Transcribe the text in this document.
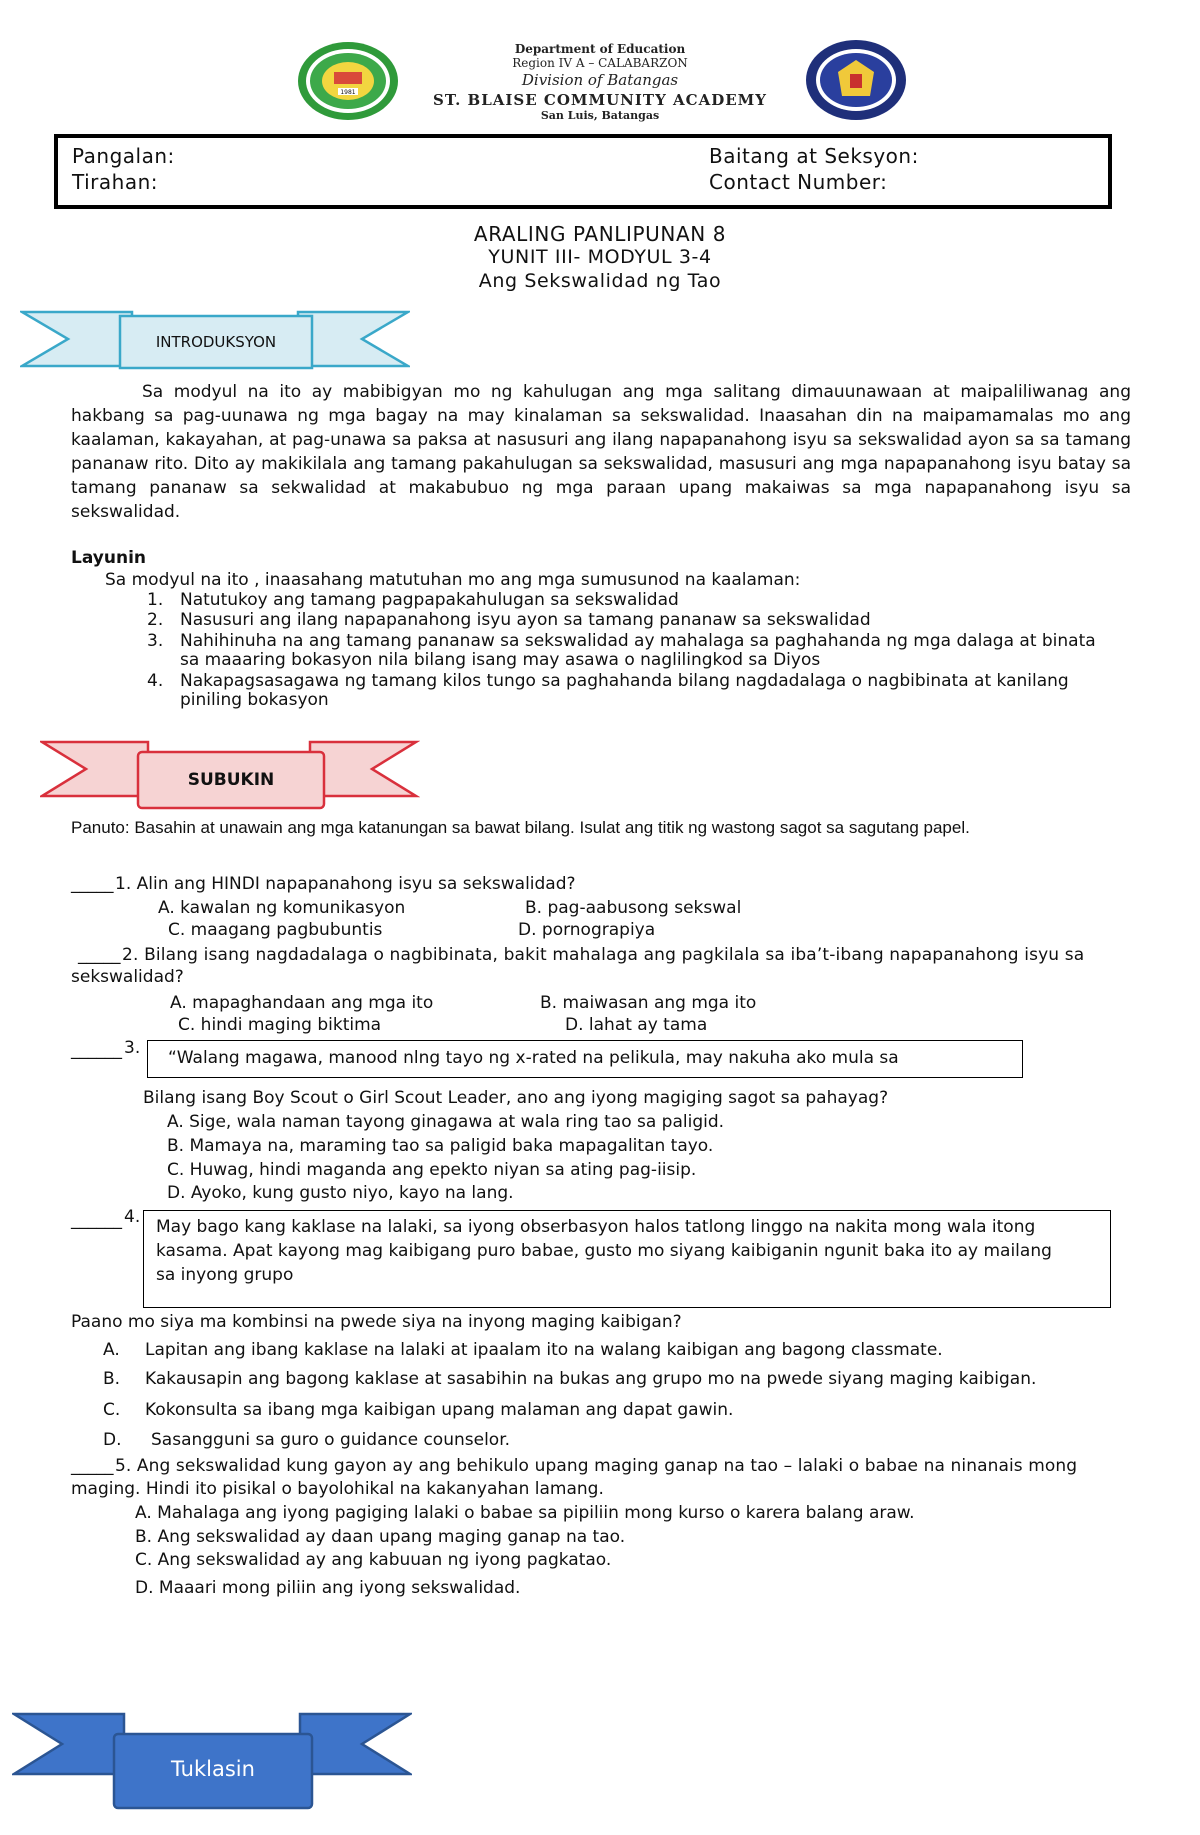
1981
Department of Education
Region IV A – CALABARZON
Division of Batangas
ST. BLAISE COMMUNITY ACADEMY
San Luis, Batangas
Pangalan:
Tirahan:
Baitang at Seksyon:
Contact Number:
ARALING PANLIPUNAN 8
YUNIT III- MODYUL 3-4
Ang Sekswalidad ng Tao
INTRODUKSYON
Sa modyul na ito ay mabibigyan mo ng kahulugan ang mga salitang dimauunawaan at maipaliliwanag ang hakbang sa pag-uunawa ng mga bagay na may kinalaman sa sekswalidad. Inaasahan din na maipamamalas mo ang kaalaman, kakayahan, at pag-unawa sa paksa at nasusuri ang ilang napapanahong isyu sa sekswalidad ayon sa sa tamang pananaw rito. Dito ay makikilala ang tamang pakahulugan sa sekswalidad, masusuri ang mga napapanahong isyu batay sa tamang pananaw sa sekwalidad at makabubuo ng mga paraan upang makaiwas sa mga napapanahong isyu sa sekswalidad.
Layunin
Sa modyul na ito , inaasahang matutuhan mo ang mga sumusunod na kaalaman:
1. Natutukoy ang tamang pagpapakahulugan sa sekswalidad
2. Nasusuri ang ilang napapanahong isyu ayon sa tamang pananaw sa sekswalidad
3. Nahihinuha na ang tamang pananaw sa sekswalidad ay mahalaga sa paghahanda ng mga dalaga at binata
sa maaaring bokasyon nila bilang isang may asawa o naglilingkod sa Diyos
4. Nakapagsasagawa ng tamang kilos tungo sa paghahanda bilang nagdadalaga o nagbibinata at kanilang
piniling bokasyon
SUBUKIN
Panuto: Basahin at unawain ang mga katanungan sa bawat bilang. Isulat ang titik ng wastong sagot sa sagutang papel.
_____ 1. Alin ang HINDI napapanahong isyu sa sekswalidad?
A. kawalan ng komunikasyon	B. pag-aabusong sekswal
C. maagang pagbubuntis	D. pornograpiya
_____ 2. Bilang isang nagdadalaga o nagbibinata, bakit mahalaga ang pagkilala sa iba’t-ibang napapanahong isyu sa
sekswalidad?
A. mapaghandaan ang mga ito	B. maiwasan ang mga ito
C. hindi maging biktima	D. lahat ay tama
______ 3. “Walang magawa, manood nlng tayo ng x-rated na pelikula, may nakuha ako mula sa
Bilang isang Boy Scout o Girl Scout Leader, ano ang iyong magiging sagot sa pahayag?
A. Sige, wala naman tayong ginagawa at wala ring tao sa paligid.
B. Mamaya na, maraming tao sa paligid baka mapagalitan tayo.
C. Huwag, hindi maganda ang epekto niyan sa ating pag-iisip.
D. Ayoko, kung gusto niyo, kayo na lang.
______ 4. May bago kang kaklase na lalaki, sa iyong obserbasyon halos tatlong linggo na nakita mong wala itong
kasama. Apat kayong mag kaibigang puro babae, gusto mo siyang kaibiganin ngunit baka ito ay mailang
sa inyong grupo
Paano mo siya ma kombinsi na pwede siya na inyong maging kaibigan?
A. Lapitan ang ibang kaklase na lalaki at ipaalam ito na walang kaibigan ang bagong classmate.
B. Kakausapin ang bagong kaklase at sasabihin na bukas ang grupo mo na pwede siyang maging kaibigan.
C. Kokonsulta sa ibang mga kaibigan upang malaman ang dapat gawin.
D. Sasangguni sa guro o guidance counselor.
_____ 5. Ang sekswalidad kung gayon ay ang behikulo upang maging ganap na tao – lalaki o babae na ninanais mong
maging. Hindi ito pisikal o bayolohikal na kakanyahan lamang.
A. Mahalaga ang iyong pagiging lalaki o babae sa pipiliin mong kurso o karera balang araw.
B. Ang sekswalidad ay daan upang maging ganap na tao.
C. Ang sekswalidad ay ang kabuuan ng iyong pagkatao.
D. Maaari mong piliin ang iyong sekswalidad.
Tuklasin
